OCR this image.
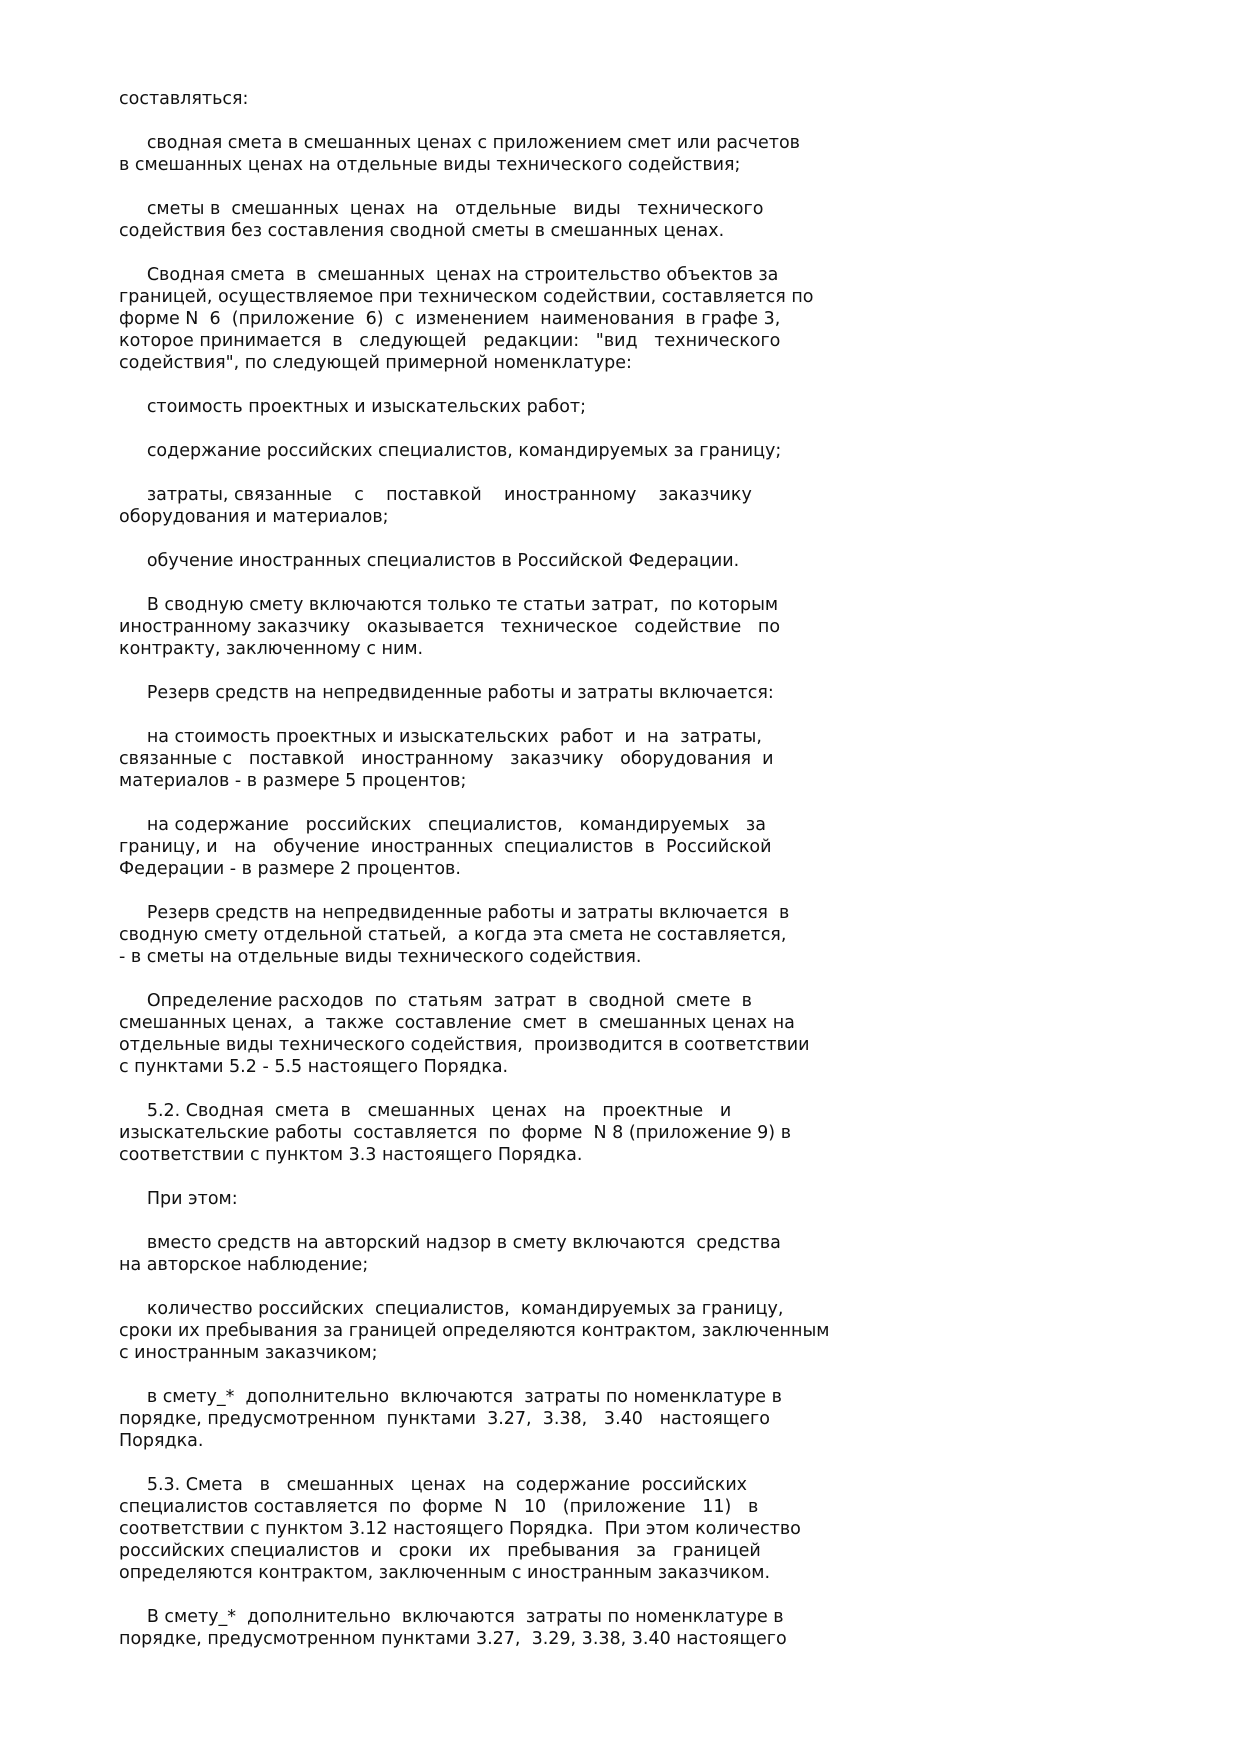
составляться:
сводная смета в смешанных ценах с приложением смет или расчетов
в смешанных ценах на отдельные виды технического содействия;
сметы в  смешанных  ценах  на   отдельные   виды   технического
содействия без составления сводной сметы в смешанных ценах.
Сводная смета  в  смешанных  ценах на строительство объектов за
границей, осуществляемое при техническом содействии, составляется по
форме N  6  (приложение  6)  с  изменением  наименования  в графе 3,
которое принимается  в   следующей   редакции:   "вид   технического
содействия", по следующей примерной номенклатуре:
стоимость проектных и изыскательских работ;
содержание российских специалистов, командируемых за границу;
затраты, связанные    с    поставкой    иностранному    заказчику
оборудования и материалов;
обучение иностранных специалистов в Российской Федерации.
В сводную смету включаются только те статьи затрат,  по которым
иностранному заказчику   оказывается   техническое   содействие   по
контракту, заключенному с ним.
Резерв средств на непредвиденные работы и затраты включается:
на стоимость проектных и изыскательских  работ  и  на  затраты,
связанные с   поставкой   иностранному   заказчику   оборудования  и
материалов - в размере 5 процентов;
на содержание   российских   специалистов,   командируемых   за
границу, и   на   обучение  иностранных  специалистов  в  Российской
Федерации - в размере 2 процентов.
Резерв средств на непредвиденные работы и затраты включается  в
сводную смету отдельной статьей,  а когда эта смета не составляется,
- в сметы на отдельные виды технического содействия.
Определение расходов  по  статьям  затрат  в  сводной  смете  в
смешанных ценах,  а  также  составление  смет  в  смешанных ценах на
отдельные виды технического содействия,  производится в соответствии
с пунктами 5.2 - 5.5 настоящего Порядка.
5.2. Сводная  смета  в   смешанных   ценах   на   проектные   и
изыскательские работы  составляется  по  форме  N 8 (приложение 9) в
соответствии с пунктом 3.3 настоящего Порядка.
При этом:
вместо средств на авторский надзор в смету включаются  средства
на авторское наблюдение;
количество российских  специалистов,  командируемых за границу,
сроки их пребывания за границей определяются контрактом, заключенным
с иностранным заказчиком;
в смету_*  дополнительно  включаются  затраты по номенклатуре в
порядке, предусмотренном  пунктами  3.27,  3.38,   3.40   настоящего
Порядка.
5.3. Смета   в   смешанных   ценах   на  содержание  российских
специалистов составляется  по  форме  N   10   (приложение   11)   в
соответствии с пунктом 3.12 настоящего Порядка.  При этом количество
российских специалистов  и   сроки   их   пребывания   за   границей
определяются контрактом, заключенным с иностранным заказчиком.
В смету_*  дополнительно  включаются  затраты по номенклатуре в
порядке, предусмотренном пунктами 3.27,  3.29, 3.38, 3.40 настоящего
